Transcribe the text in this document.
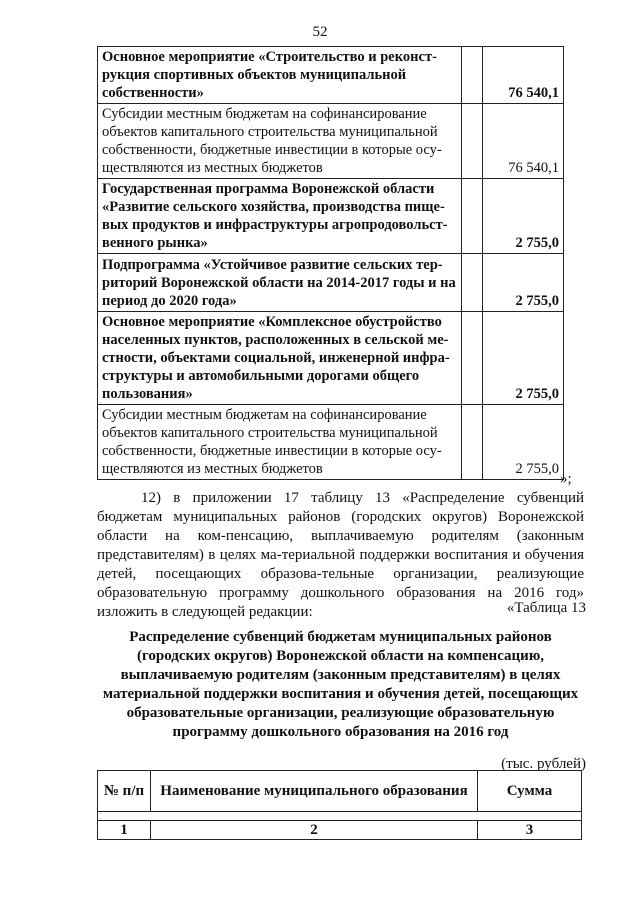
52
Основное мероприятие «Строительство и реконст-рукция спортивных объектов муниципальной собственности»		76 540,1
Субсидии местным бюджетам на софинансирование объектов капитального строительства муниципальной собственности, бюджетные инвестиции в которые осу-ществляются из местных бюджетов		76 540,1
Государственная программа Воронежской области «Развитие сельского хозяйства, производства пище-вых продуктов и инфраструктуры агропродовольст-венного рынка»		2 755,0
Подпрограмма «Устойчивое развитие сельских тер-риторий Воронежской области на 2014-2017 годы и на период до 2020 года»		2 755,0
Основное мероприятие «Комплексное обустройство населенных пунктов, расположенных в сельской ме-стности, объектами социальной, инженерной инфра-структуры и автомобильными дорогами общего пользования»		2 755,0
Субсидии местным бюджетам на софинансирование объектов капитального строительства муниципальной собственности, бюджетные инвестиции в которые осу-ществляются из местных бюджетов		2 755,0
»;

12) в приложении 17 таблицу 13 «Распределение субвенций бюджетам муниципальных районов (городских округов) Воронежской области на ком-пенсацию, выплачиваемую родителям (законным представителям) в целях ма-териальной поддержки воспитания и обучения детей, посещающих образова-тельные организации, реализующие образовательную программу дошкольного образования на 2016 год» изложить в следующей редакции:	«Таблица 13
Распределение субвенций бюджетам муниципальных районов (городских округов) Воронежской области на компенсацию, выплачиваемую родителям (законным представителям) в целях материальной поддержки воспитания и обучения детей, посещающих образовательные организации, реализующие образовательную программу дошкольного образования на 2016 год
(тыс. рублей)
№ п/п	Наименование муниципального образования	Сумма

1	2	3
